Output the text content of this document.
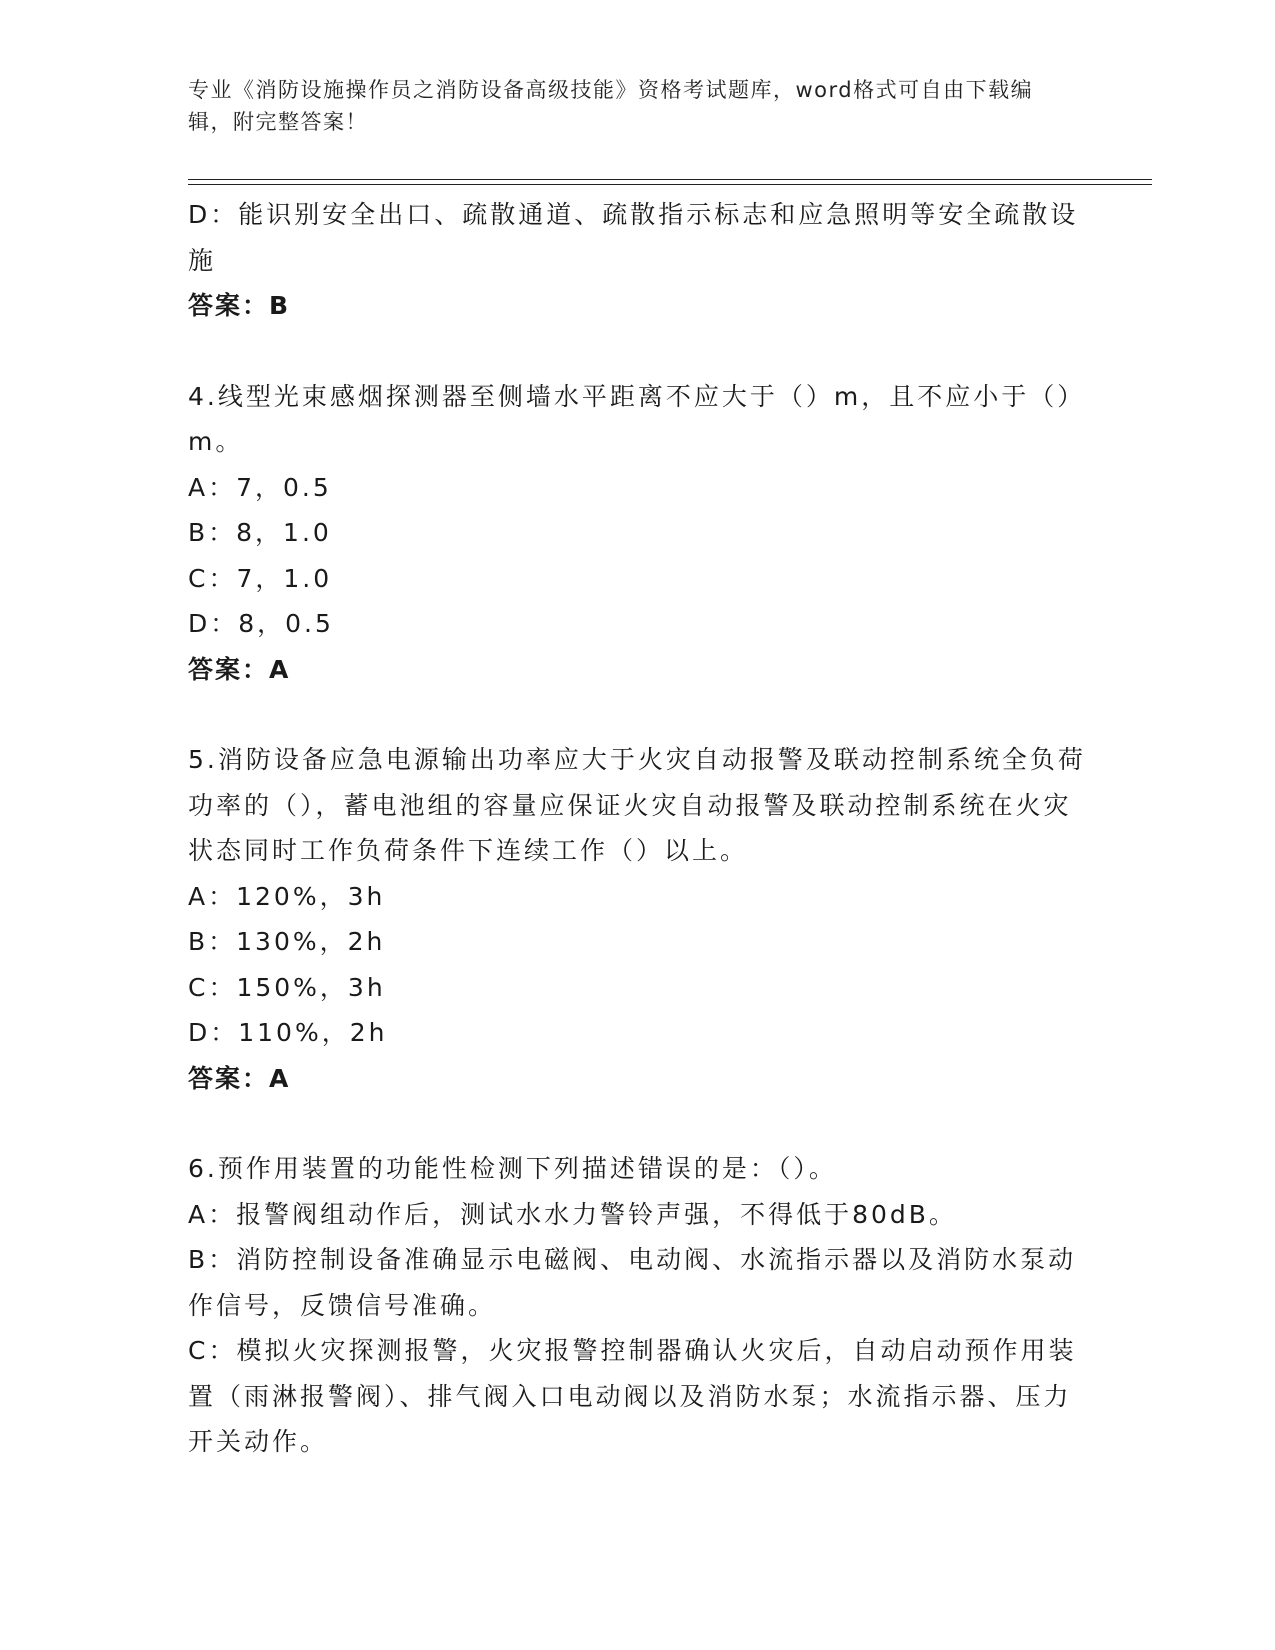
专业《消防设施操作员之消防设备高级技能》资格考试题库，word格式可自由下载编辑，附完整答案！

D：能识别安全出口、疏散通道、疏散指示标志和应急照明等安全疏散设施

答案：B

4.线型光束感烟探测器至侧墙水平距离不应大于（）m，且不应小于（）m。

A：7，0.5

B：8，1.0

C：7，1.0

D：8，0.5

答案：A

5.消防设备应急电源输出功率应大于火灾自动报警及联动控制系统全负荷功率的（），蓄电池组的容量应保证火灾自动报警及联动控制系统在火灾状态同时工作负荷条件下连续工作（）以上。

A：120%，3h

B：130%，2h

C：150%，3h

D：110%，2h

答案：A

6.预作用装置的功能性检测下列描述错误的是：（）。

A：报警阀组动作后，测试水水力警铃声强，不得低于80dB。

B：消防控制设备准确显示电磁阀、电动阀、水流指示器以及消防水泵动作信号，反馈信号准确。

C：模拟火灾探测报警，火灾报警控制器确认火灾后，自动启动预作用装置（雨淋报警阀）、排气阀入口电动阀以及消防水泵；水流指示器、压力开关动作。
